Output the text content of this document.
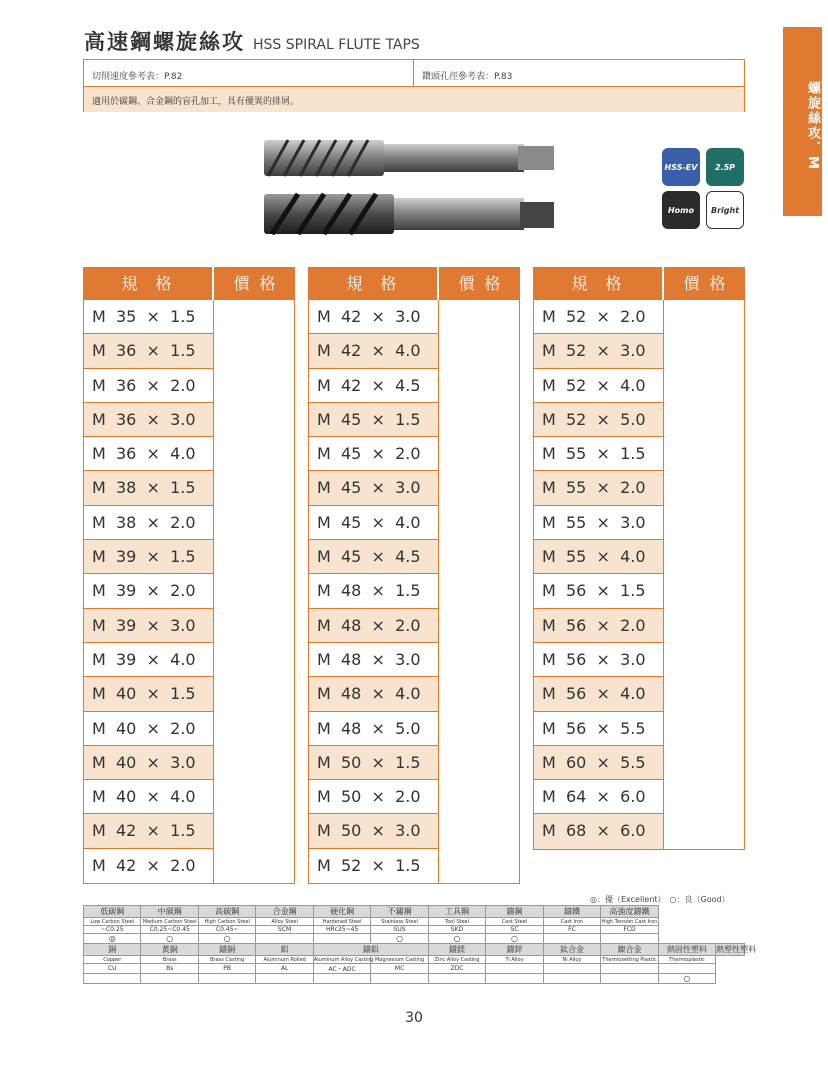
高速鋼螺旋絲攻 HSS SPIRAL FLUTE TAPS
螺旋絲攻．M
切削速度參考表：P.82	鑽頭孔徑參考表：P.83
適用於碳鋼、合金鋼的盲孔加工，具有優異的排屑。
HSS-EV	2.5P
Homo	Bright
規格	價格
M  35  ×  1.5
M  36  ×  1.5
M  36  ×  2.0
M  36  ×  3.0
M  36  ×  4.0
M  38  ×  1.5
M  38  ×  2.0
M  39  ×  1.5
M  39  ×  2.0
M  39  ×  3.0
M  39  ×  4.0
M  40  ×  1.5
M  40  ×  2.0
M  40  ×  3.0
M  40  ×  4.0
M  42  ×  1.5
M  42  ×  2.0
規格	價格
M  42  ×  3.0
M  42  ×  4.0
M  42  ×  4.5
M  45  ×  1.5
M  45  ×  2.0
M  45  ×  3.0
M  45  ×  4.0
M  45  ×  4.5
M  48  ×  1.5
M  48  ×  2.0
M  48  ×  3.0
M  48  ×  4.0
M  48  ×  5.0
M  50  ×  1.5
M  50  ×  2.0
M  50  ×  3.0
M  52  ×  1.5
規格	價格
M  52  ×  2.0
M  52  ×  3.0
M  52  ×  4.0
M  52  ×  5.0
M  55  ×  1.5
M  55  ×  2.0
M  55  ×  3.0
M  55  ×  4.0
M  56  ×  1.5
M  56  ×  2.0
M  56  ×  3.0
M  56  ×  4.0
M  56  ×  5.5
M  60  ×  5.5
M  64  ×  6.0
M  68  ×  6.0
◎：優（Excellent）　○：良（Good）
低碳鋼	中碳鋼	高碳鋼	合金鋼	硬化鋼	不鏽鋼	工具鋼	鑄鋼	鑄鐵	高強度鑄鐵		
Low Carbon Steel	Medium Carbon Steel	High Carbon Steel	Alloy Steel	Hardened Steel	Stainless Steel	Tool Steel	Cast Steel	Cast Iron	High Tension Cast Iron		
~C0.25	C0.25~C0.45	C0.45~	SCM	HRc25~45	SUS	SKD	SC	FC	FCD		
◎	○	○			○	○	○				
銅	黃銅	鑄銅	鋁	鑄鋁		鑄鎂	鑄鋅	鈦合金	鎳合金	熱固性塑料	熱塑性塑料
Copper	Brass	Brass Casting	Aluminum Rolled	Aluminum Alloy Casting	Magnesium Casting	Zinc Alloy Casting	Ti Alloy	Ni Alloy	Thermosetting Plastic	Thermoplastic	
CU	Bs	PB	AL	AC・ADC	MC	ZDC					
										○	
30
